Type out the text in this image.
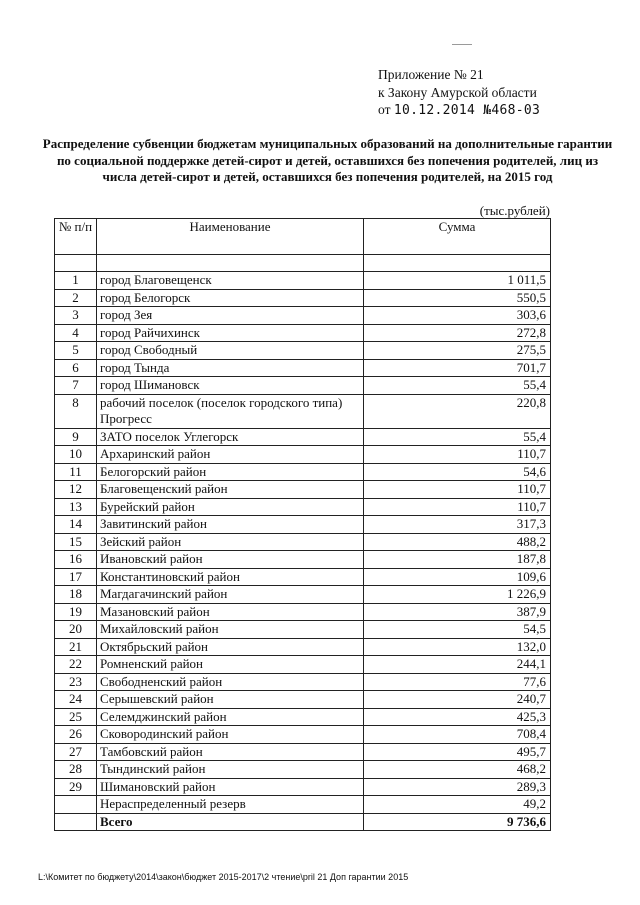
Приложение № 21
к Закону Амурской области
от 10.12.2014 №468-03
Распределение субвенции бюджетам муниципальных образований на дополнительные гарантии по социальной поддержке детей-сирот и детей, оставшихся без попечения родителей, лиц из числа детей-сирот и детей, оставшихся без попечения родителей, на 2015 год
(тыс.рублей)
№ п/п	Наименование	Сумма

1	город Благовещенск	1 011,5
2	город Белогорск	550,5
3	город Зея	303,6
4	город Райчихинск	272,8
5	город Свободный	275,5
6	город Тында	701,7
7	город Шимановск	55,4
8	рабочий поселок (поселок городского типа) Прогресс	220,8
9	ЗАТО поселок Углегорск	55,4
10	Архаринский район	110,7
11	Белогорский район	54,6
12	Благовещенский район	110,7
13	Бурейский район	110,7
14	Завитинский район	317,3
15	Зейский район	488,2
16	Ивановский район	187,8
17	Константиновский район	109,6
18	Магдагачинский район	1 226,9
19	Мазановский район	387,9
20	Михайловский район	54,5
21	Октябрьский район	132,0
22	Ромненский район	244,1
23	Свободненский район	77,6
24	Серышевский район	240,7
25	Селемджинский район	425,3
26	Сковородинский район	708,4
27	Тамбовский район	495,7
28	Тындинский район	468,2
29	Шимановский район	289,3
	Нераспределенный резерв	49,2
	Всего	9 736,6
L:\Комитет по бюджету\2014\закон\бюджет 2015-2017\2 чтение\pril 21 Доп гарантии 2015
